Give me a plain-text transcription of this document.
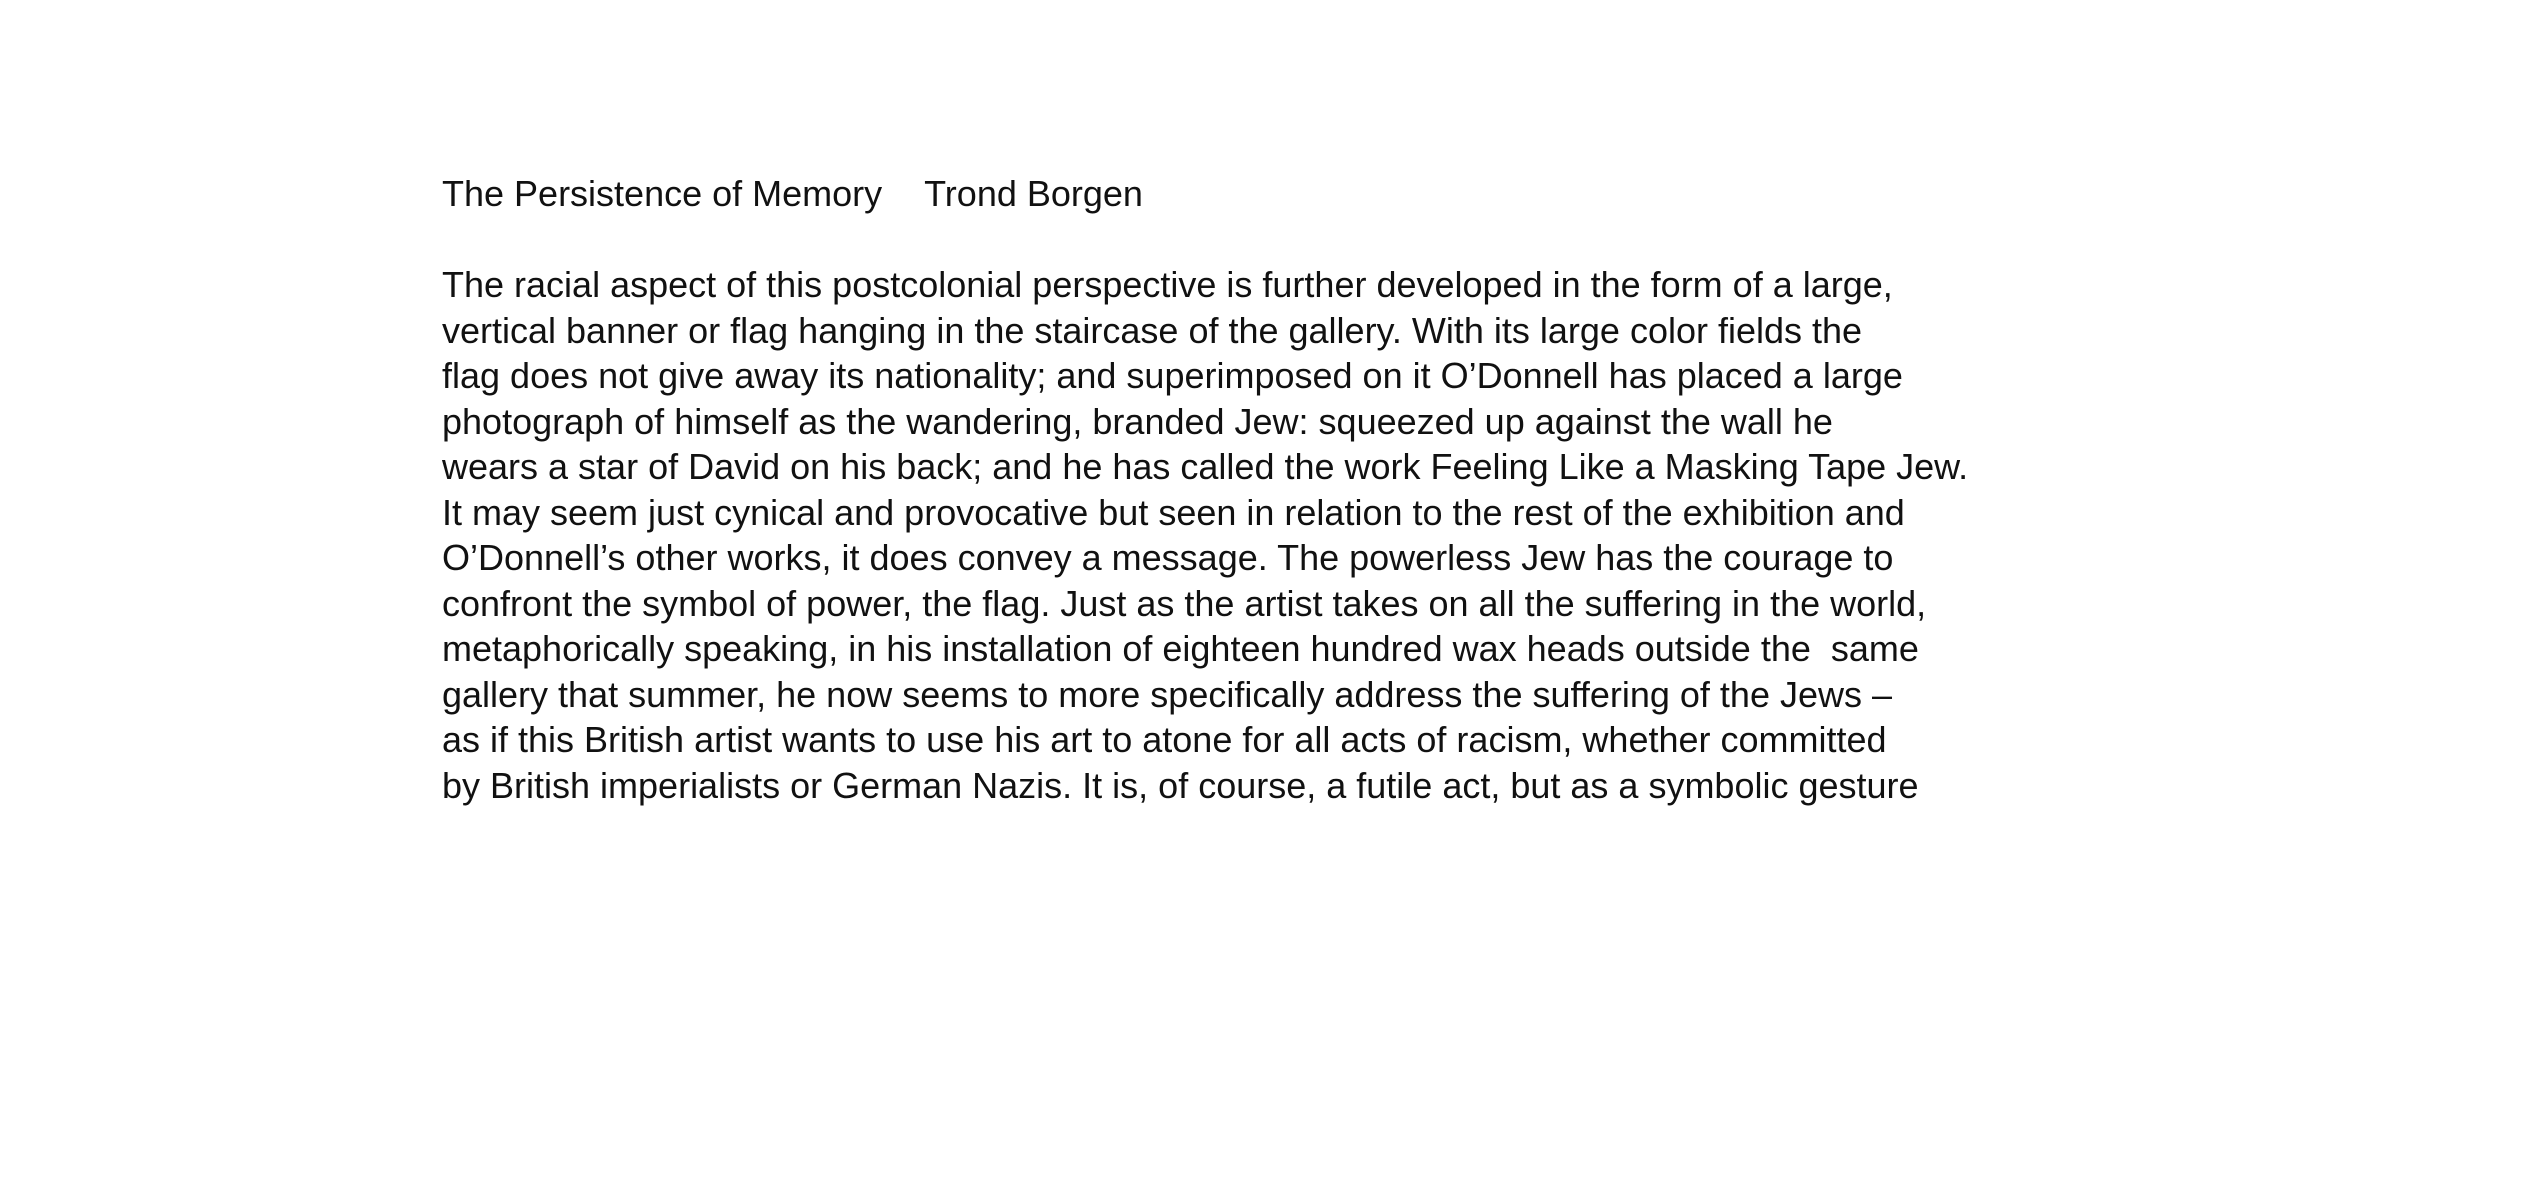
The Persistence of Memory Trond Borgen
The racial aspect of this postcolonial perspective is further developed in the form of a large,
vertical banner or flag hanging in the staircase of the gallery. With its large color fields the
flag does not give away its nationality; and superimposed on it O’Donnell has placed a large
photograph of himself as the wandering, branded Jew: squeezed up against the wall he
wears a star of David on his back; and he has called the work Feeling Like a Masking Tape Jew.
It may seem just cynical and provocative but seen in relation to the rest of the exhibition and
O’Donnell’s other works, it does convey a message. The powerless Jew has the courage to
confront the symbol of power, the flag. Just as the artist takes on all the suffering in the world,
metaphorically speaking, in his installation of eighteen hundred wax heads outside the  same
gallery that summer, he now seems to more specifically address the suffering of the Jews –
as if this British artist wants to use his art to atone for all acts of racism, whether committed
by British imperialists or German Nazis. It is, of course, a futile act, but as a symbolic gesture
